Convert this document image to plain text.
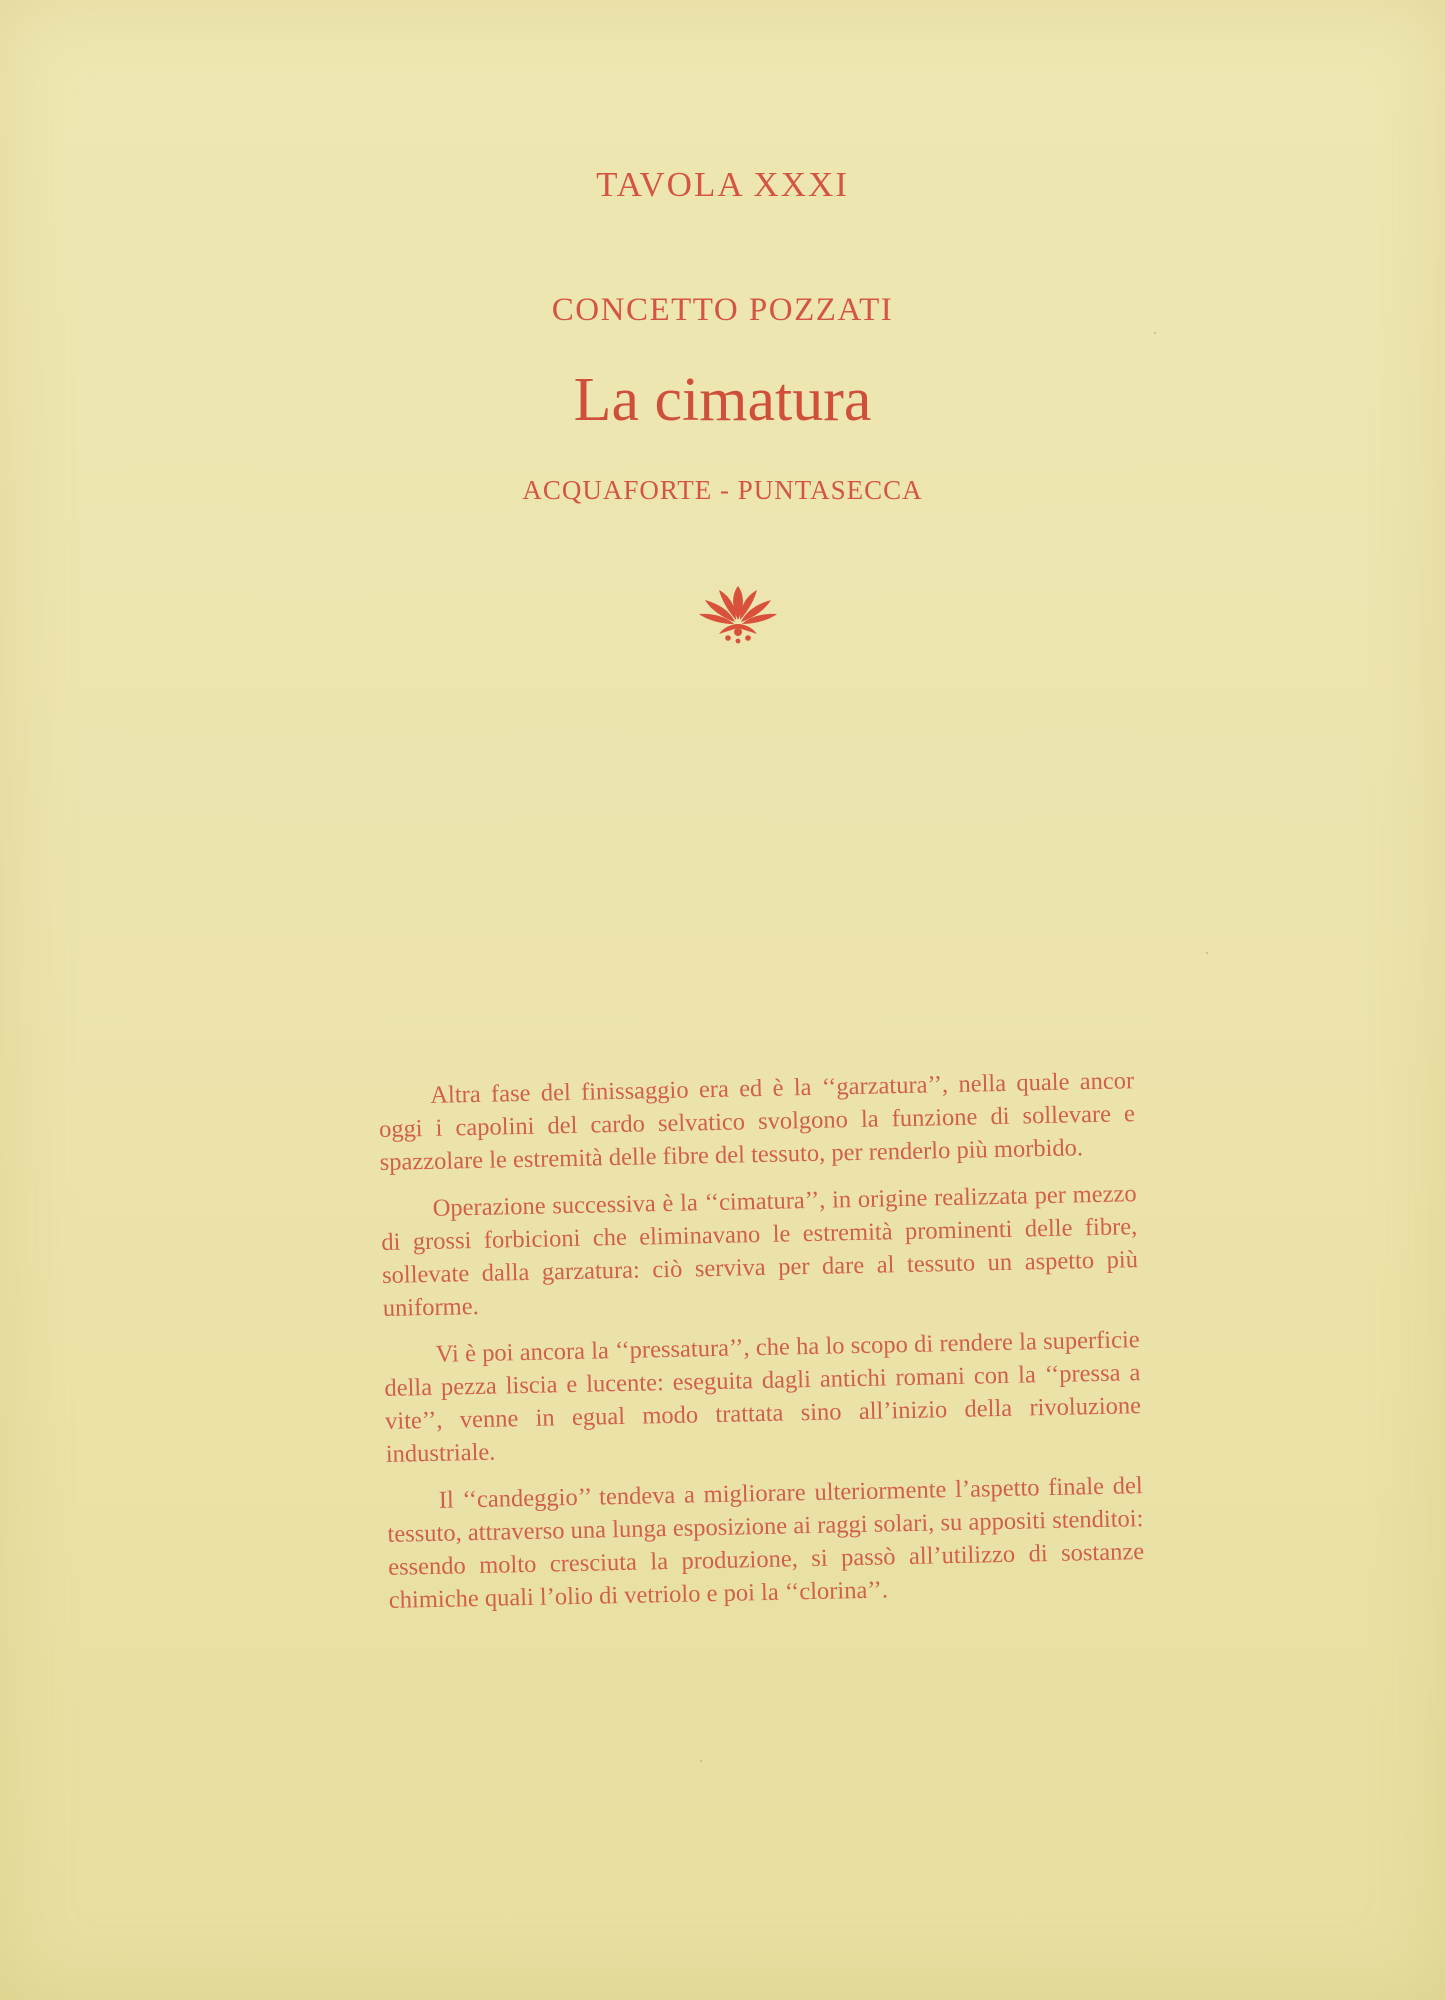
TAVOLA XXXI
CONCETTO POZZATI
La cimatura
ACQUAFORTE - PUNTASECCA

Altra fase del finissaggio era ed è la ‘‘garzatura’’, nella quale ancor oggi i capolini del cardo selvatico svolgono la funzione di sollevare e spazzolare le estremità delle fibre del tessuto, per renderlo più morbido.

Operazione successiva è la ‘‘cimatura’’, in origine realizzata per mezzo di grossi forbicioni che eliminavano le estremità prominenti delle fibre, sollevate dalla garzatura: ciò serviva per dare al tessuto un aspetto più uniforme.

Vi è poi ancora la ‘‘pressatura’’, che ha lo scopo di rendere la superficie della pezza liscia e lucente: eseguita dagli antichi romani con la ‘‘pressa a vite’’, venne in egual modo trattata sino all’inizio della rivoluzione industriale.

Il ‘‘candeggio’’ tendeva a migliorare ulteriormente l’aspetto finale del tessuto, attraverso una lunga esposizione ai raggi solari, su appositi stenditoi: essendo molto cresciuta la produzione, si passò all’utilizzo di sostanze chimiche quali l’olio di vetriolo e poi la ‘‘clorina’’.
